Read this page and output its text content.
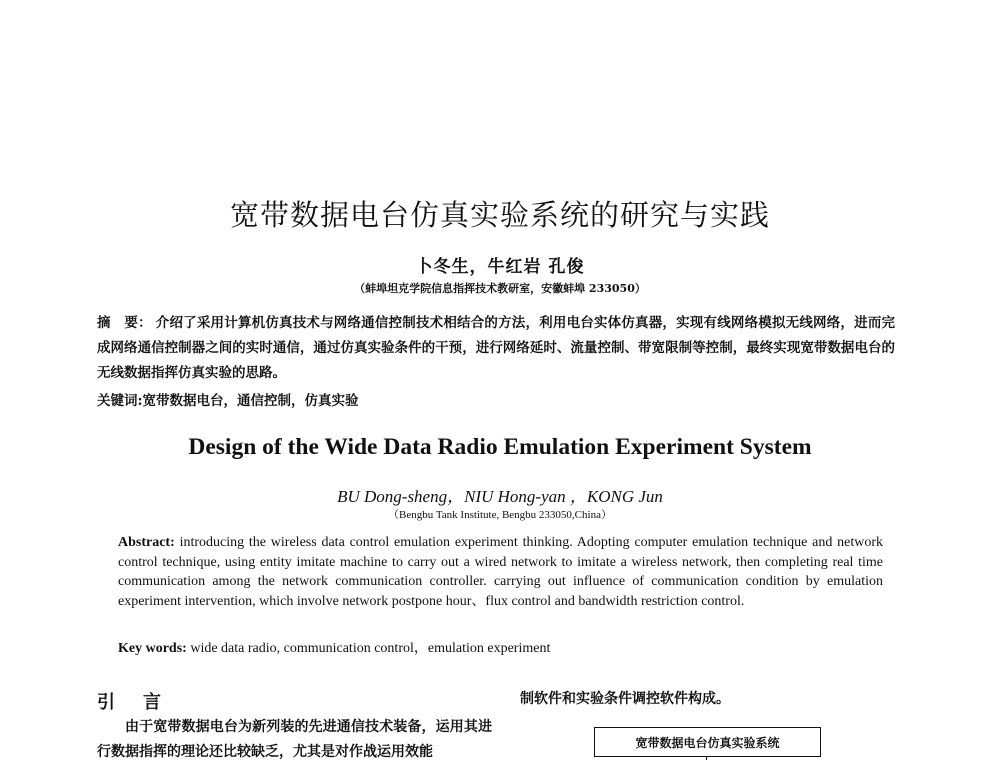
宽带数据电台仿真实验系统的研究与实践
卜冬生，牛红岩 孔俊
（蚌埠坦克学院信息指挥技术教研室，安徽蚌埠 233050）
摘　要： 介绍了采用计算机仿真技术与网络通信控制技术相结合的方法，利用电台实体仿真器，实现有线网络模拟无线网络，进而完成网络通信控制器之间的实时通信，通过仿真实验条件的干预，进行网络延时、流量控制、带宽限制等控制，最终实现宽带数据电台的无线数据指挥仿真实验的思路。
关键词:宽带数据电台，通信控制，仿真实验
Design of the Wide Data Radio Emulation Experiment System
BU Dong-sheng，NIU Hong-yan ，KONG Jun
（Bengbu Tank Institute, Bengbu 233050,China）
Abstract: introducing the wireless data control emulation experiment thinking. Adopting computer emulation technique and network control technique, using entity imitate machine to carry out a wired network to imitate a wireless network, then completing real time communication among the network communication controller. carrying out influence of communication condition by emulation experiment intervention, which involve network postpone hour、flux control and bandwidth restriction control.
Key words: wide data radio, communication control，emulation experiment
引 言
由于宽带数据电台为新列装的先进通信技术装备，运用其进行数据指挥的理论还比较缺乏，尤其是对作战运用效能
制软件和实验条件调控软件构成。
宽带数据电台仿真实验系统
